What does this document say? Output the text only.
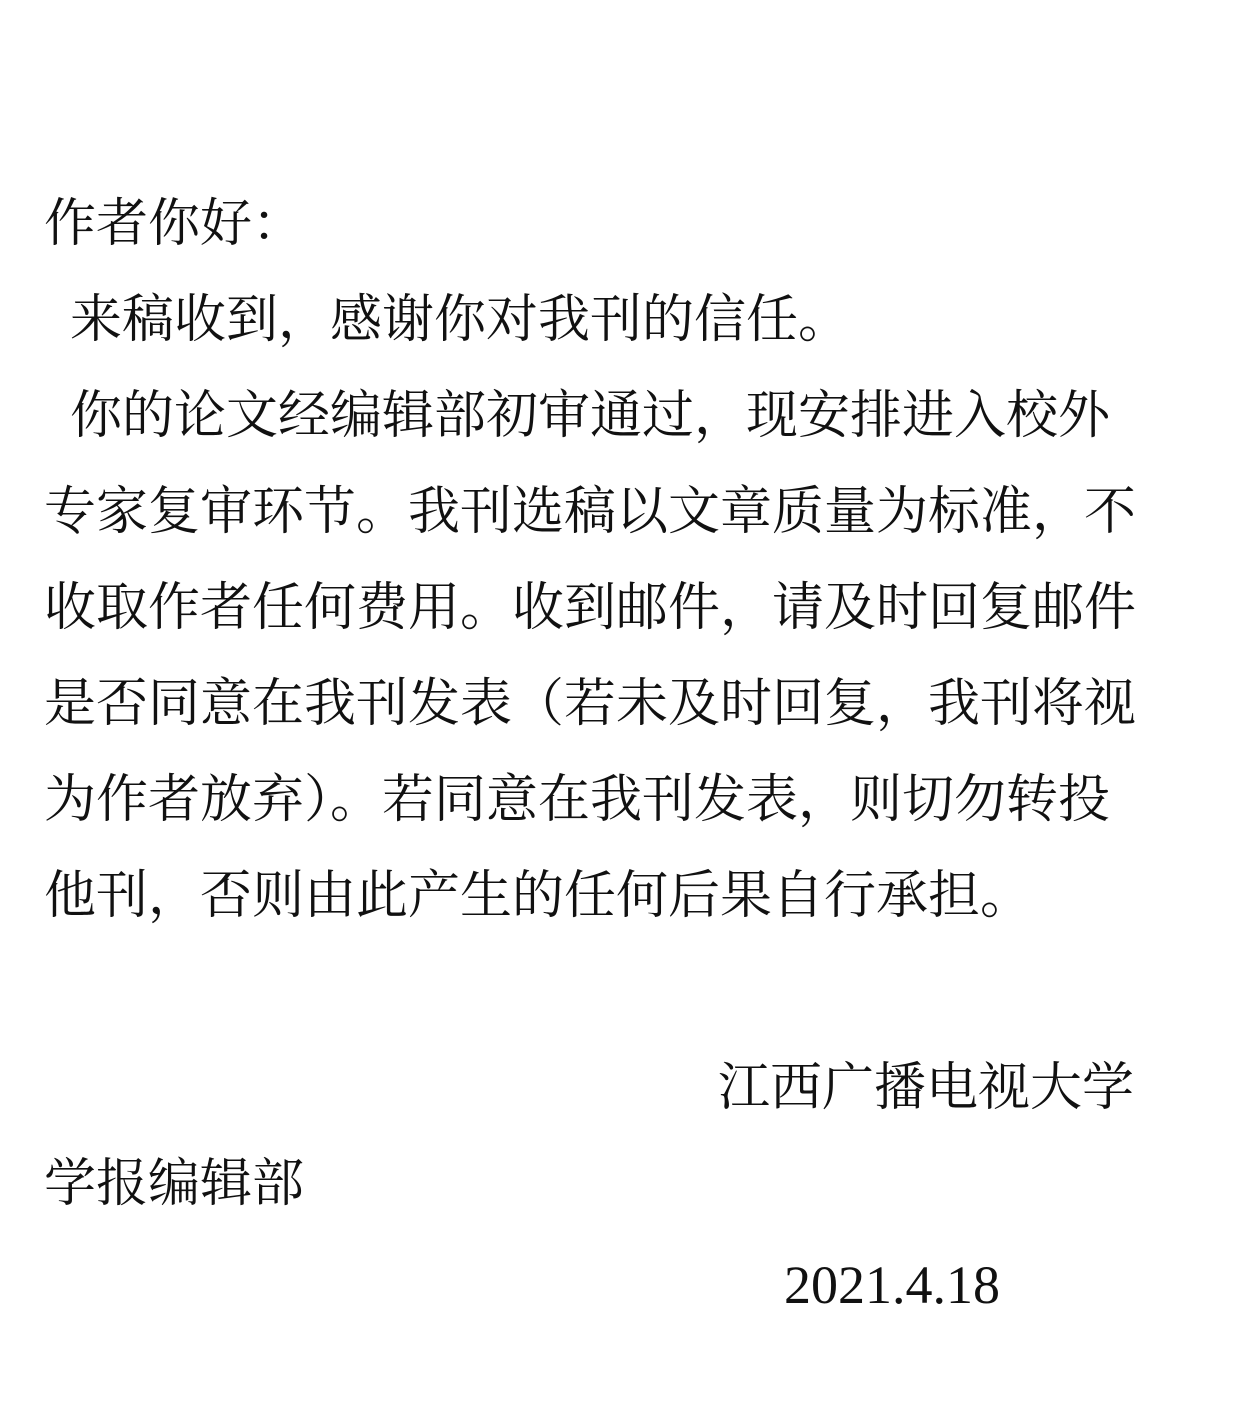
作者你好：
来稿收到，感谢你对我刊的信任。
你的论文经编辑部初审通过，现安排进入校外
专家复审环节。我刊选稿以文章质量为标准，不
收取作者任何费用。收到邮件，请及时回复邮件
是否同意在我刊发表（若未及时回复，我刊将视
为作者放弃）。若同意在我刊发表，则切勿转投
他刊，否则由此产生的任何后果自行承担。
江西广播电视大学
学报编辑部
2021.4.18
